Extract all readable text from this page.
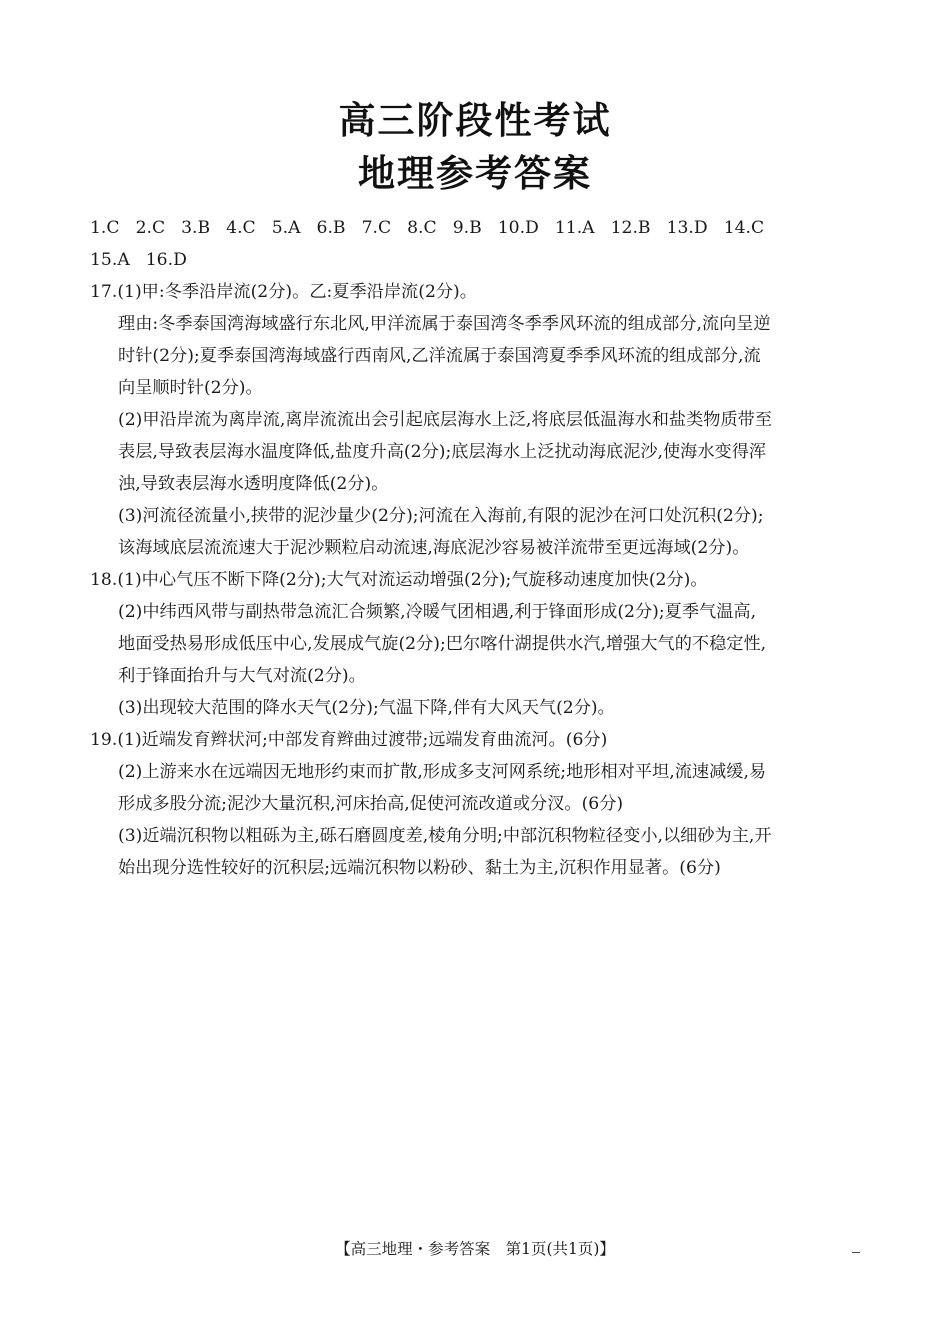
高三阶段性考试
地理参考答案
1.C 2.C 3.B 4.C 5.A 6.B 7.C 8.C 9.B 10.D 11.A 12.B 13.D 14.C
15.A 16.D
17.(1)甲:冬季沿岸流(2分)。乙:夏季沿岸流(2分)。
理由:冬季泰国湾海域盛行东北风,甲洋流属于泰国湾冬季季风环流的组成部分,流向呈逆
时针(2分);夏季泰国湾海域盛行西南风,乙洋流属于泰国湾夏季季风环流的组成部分,流
向呈顺时针(2分)。
(2)甲沿岸流为离岸流,离岸流流出会引起底层海水上泛,将底层低温海水和盐类物质带至
表层,导致表层海水温度降低,盐度升高(2分);底层海水上泛扰动海底泥沙,使海水变得浑
浊,导致表层海水透明度降低(2分)。
(3)河流径流量小,挟带的泥沙量少(2分);河流在入海前,有限的泥沙在河口处沉积(2分);
该海域底层流流速大于泥沙颗粒启动流速,海底泥沙容易被洋流带至更远海域(2分)。
18.(1)中心气压不断下降(2分);大气对流运动增强(2分);气旋移动速度加快(2分)。
(2)中纬西风带与副热带急流汇合频繁,冷暖气团相遇,利于锋面形成(2分);夏季气温高,
地面受热易形成低压中心,发展成气旋(2分);巴尔喀什湖提供水汽,增强大气的不稳定性,
利于锋面抬升与大气对流(2分)。
(3)出现较大范围的降水天气(2分);气温下降,伴有大风天气(2分)。
19.(1)近端发育辫状河;中部发育辫曲过渡带;远端发育曲流河。(6分)
(2)上游来水在远端因无地形约束而扩散,形成多支河网系统;地形相对平坦,流速减缓,易
形成多股分流;泥沙大量沉积,河床抬高,促使河流改道或分汊。(6分)
(3)近端沉积物以粗砾为主,砾石磨圆度差,棱角分明;中部沉积物粒径变小,以细砂为主,开
始出现分选性较好的沉积层;远端沉积物以粉砂、黏土为主,沉积作用显著。(6分)
【高三地理・参考答案　第1页(共1页)】
